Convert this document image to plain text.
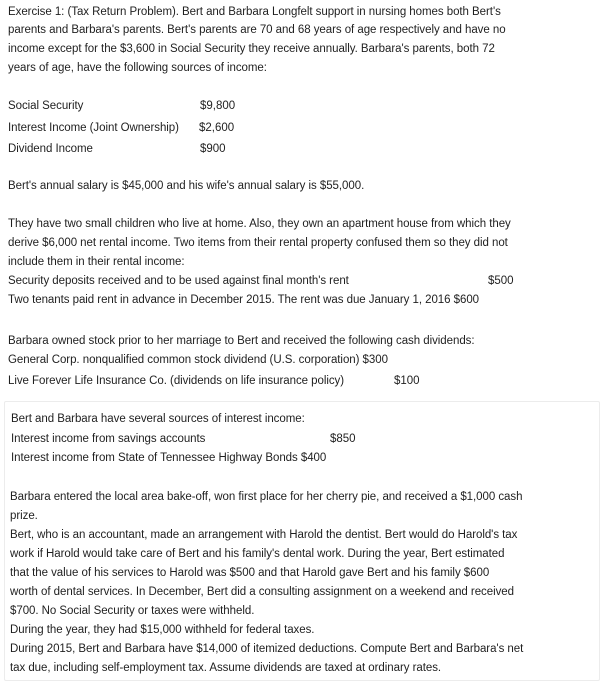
Exercise 1: (Tax Return Problem). Bert and Barbara Longfelt support in nursing homes both Bert's
parents and Barbara's parents. Bert's parents are 70 and 68 years of age respectively and have no
income except for the $3,600 in Social Security they receive annually. Barbara's parents, both 72
years of age, have the following sources of income:
Social Security	$9,800
Interest Income (Joint Ownership) $2,600
Dividend Income	$900
Bert's annual salary is $45,000 and his wife's annual salary is $55,000.
They have two small children who live at home. Also, they own an apartment house from which they
derive $6,000 net rental income. Two items from their rental property confused them so they did not
include them in their rental income:
Security deposits received and to be used against final month's rent	$500
Two tenants paid rent in advance in December 2015. The rent was due January 1, 2016 $600
Barbara owned stock prior to her marriage to Bert and received the following cash dividends:
General Corp. nonqualified common stock dividend (U.S. corporation) $300
Live Forever Life Insurance Co. (dividends on life insurance policy)	$100
Bert and Barbara have several sources of interest income:
Interest income from savings accounts	$850
Interest income from State of Tennessee Highway Bonds $400
Barbara entered the local area bake-off, won first place for her cherry pie, and received a $1,000 cash
prize.
Bert, who is an accountant, made an arrangement with Harold the dentist. Bert would do Harold's tax
work if Harold would take care of Bert and his family's dental work. During the year, Bert estimated
that the value of his services to Harold was $500 and that Harold gave Bert and his family $600
worth of dental services. In December, Bert did a consulting assignment on a weekend and received
$700. No Social Security or taxes were withheld.
During the year, they had $15,000 withheld for federal taxes.
During 2015, Bert and Barbara have $14,000 of itemized deductions. Compute Bert and Barbara's net
tax due, including self-employment tax. Assume dividends are taxed at ordinary rates.
